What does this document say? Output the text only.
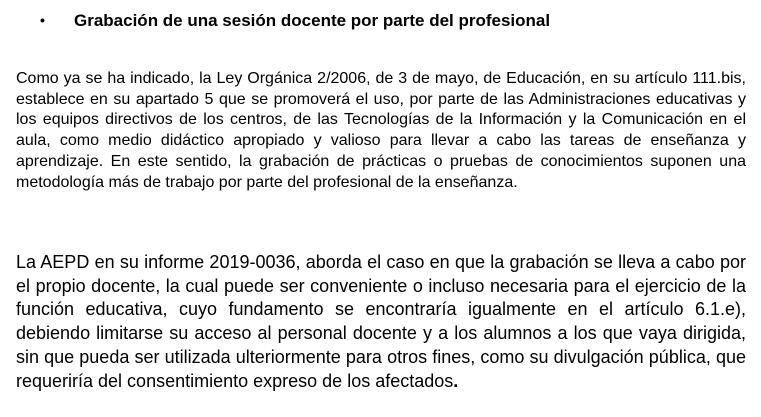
• Grabación de una sesión docente por parte del profesional

Como ya se ha indicado, la Ley Orgánica 2/2006, de 3 de mayo, de Educación, en su artículo 111.bis, establece en su apartado 5 que se promoverá el uso, por parte de las Administraciones educativas y los equipos directivos de los centros, de las Tecnologías de la Información y la Comunicación en el aula, como medio didáctico apropiado y valioso para llevar a cabo las tareas de enseñanza y aprendizaje. En este sentido, la grabación de prácticas o pruebas de conocimientos suponen una metodología más de trabajo por parte del profesional de la enseñanza.

La AEPD en su informe 2019-0036, aborda el caso en que la grabación se lleva a cabo por el propio docente, la cual puede ser conveniente o incluso necesaria para el ejercicio de la función educativa, cuyo fundamento se encontraría igualmente en el artículo 6.1.e), debiendo limitarse su acceso al personal docente y a los alumnos a los que vaya dirigida, sin que pueda ser utilizada ulteriormente para otros fines, como su divulgación pública, que requeriría del consentimiento expreso de los afectados.
